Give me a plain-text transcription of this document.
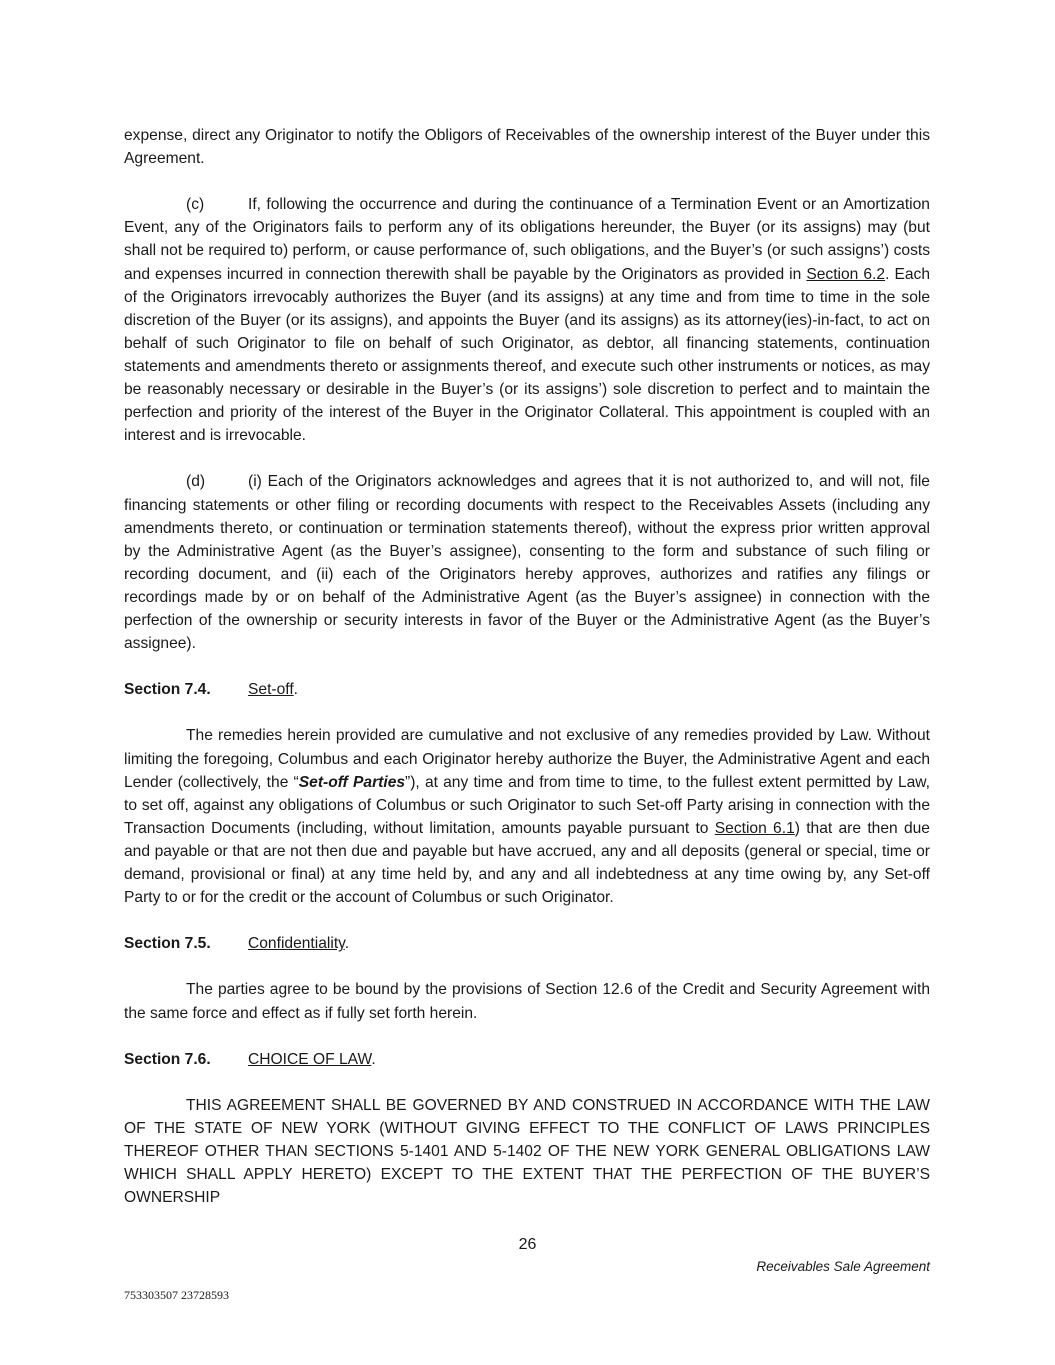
expense, direct any Originator to notify the Obligors of Receivables of the ownership interest of the Buyer under this Agreement.

(c)	If, following the occurrence and during the continuance of a Termination Event or an Amortization Event, any of the Originators fails to perform any of its obligations hereunder, the Buyer (or its assigns) may (but shall not be required to) perform, or cause performance of, such obligations, and the Buyer’s (or such assigns’) costs and expenses incurred in connection therewith shall be payable by the Originators as provided in Section 6.2. Each of the Originators irrevocably authorizes the Buyer (and its assigns) at any time and from time to time in the sole discretion of the Buyer (or its assigns), and appoints the Buyer (and its assigns) as its attorney(ies)-in-fact, to act on behalf of such Originator to file on behalf of such Originator, as debtor, all financing statements, continuation statements and amendments thereto or assignments thereof, and execute such other instruments or notices, as may be reasonably necessary or desirable in the Buyer’s (or its assigns’) sole discretion to perfect and to maintain the perfection and priority of the interest of the Buyer in the Originator Collateral. This appointment is coupled with an interest and is irrevocable.

(d)	(i) Each of the Originators acknowledges and agrees that it is not authorized to, and will not, file financing statements or other filing or recording documents with respect to the Receivables Assets (including any amendments thereto, or continuation or termination statements thereof), without the express prior written approval by the Administrative Agent (as the Buyer’s assignee), consenting to the form and substance of such filing or recording document, and (ii) each of the Originators hereby approves, authorizes and ratifies any filings or recordings made by or on behalf of the Administrative Agent (as the Buyer’s assignee) in connection with the perfection of the ownership or security interests in favor of the Buyer or the Administrative Agent (as the Buyer’s assignee).

Section 7.4. Set-off.

The remedies herein provided are cumulative and not exclusive of any remedies provided by Law. Without limiting the foregoing, Columbus and each Originator hereby authorize the Buyer, the Administrative Agent and each Lender (collectively, the “Set-off Parties”), at any time and from time to time, to the fullest extent permitted by Law, to set off, against any obligations of Columbus or such Originator to such Set-off Party arising in connection with the Transaction Documents (including, without limitation, amounts payable pursuant to Section 6.1) that are then due and payable or that are not then due and payable but have accrued, any and all deposits (general or special, time or demand, provisional or final) at any time held by, and any and all indebtedness at any time owing by, any Set-off Party to or for the credit or the account of Columbus or such Originator.

Section 7.5. Confidentiality.

The parties agree to be bound by the provisions of Section 12.6 of the Credit and Security Agreement with the same force and effect as if fully set forth herein.

Section 7.6. CHOICE OF LAW.

THIS AGREEMENT SHALL BE GOVERNED BY AND CONSTRUED IN ACCORDANCE WITH THE LAW OF THE STATE OF NEW YORK (WITHOUT GIVING EFFECT TO THE CONFLICT OF LAWS PRINCIPLES THEREOF OTHER THAN SECTIONS 5-1401 AND 5-1402 OF THE NEW YORK GENERAL OBLIGATIONS LAW WHICH SHALL APPLY HERETO) EXCEPT TO THE EXTENT THAT THE PERFECTION OF THE BUYER’S OWNERSHIP

26
Receivables Sale Agreement
753303507 23728593
